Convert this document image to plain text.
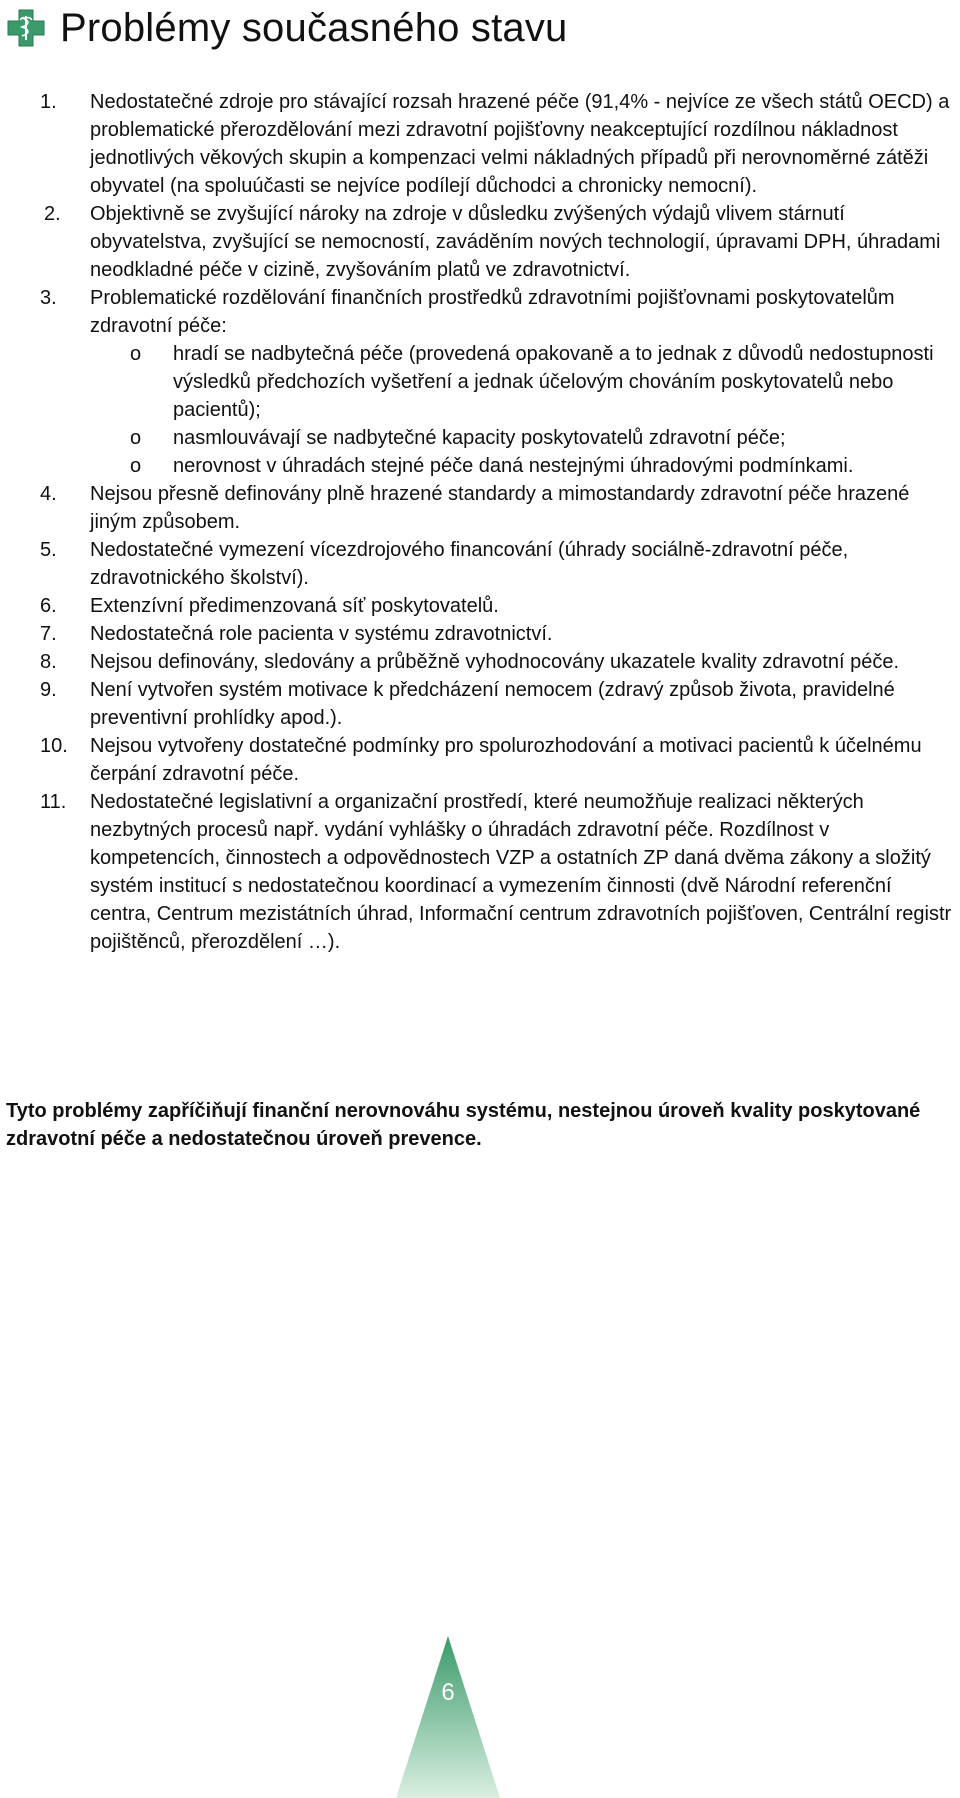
Problémy současného stavu
1.	Nedostatečné zdroje pro stávající rozsah hrazené péče (91,4% - nejvíce ze všech států OECD) a problematické přerozdělování mezi zdravotní pojišťovny neakceptující rozdílnou nákladnost jednotlivých věkových skupin a kompenzaci velmi nákladných případů při nerovnoměrné zátěži obyvatel (na spoluúčasti se nejvíce podílejí důchodci a chronicky nemocní).
2.	Objektivně se zvyšující nároky na zdroje v důsledku zvýšených výdajů vlivem stárnutí obyvatelstva, zvyšující se nemocností, zaváděním nových technologií, úpravami DPH, úhradami neodkladné péče v cizině, zvyšováním platů ve zdravotnictví.
3.	Problematické rozdělování finančních prostředků zdravotními pojišťovnami poskytovatelům zdravotní péče:
o hradí se nadbytečná péče (provedená opakovaně a to jednak z důvodů nedostupnosti výsledků předchozích vyšetření a jednak účelovým chováním poskytovatelů nebo pacientů);
o nasmlouvávají se nadbytečné kapacity poskytovatelů zdravotní péče;
o nerovnost v úhradách stejné péče daná nestejnými úhradovými podmínkami.
4.	Nejsou přesně definovány plně hrazené standardy a mimostandardy zdravotní péče hrazené jiným způsobem.
5.	Nedostatečné vymezení vícezdrojového financování (úhrady sociálně-zdravotní péče, zdravotnického školství).
6.	Extenzívní předimenzovaná síť poskytovatelů.
7.	Nedostatečná role pacienta v systému zdravotnictví.
8.	Nejsou definovány, sledovány a průběžně vyhodnocovány ukazatele kvality zdravotní péče.
9.	Není vytvořen systém motivace k předcházení nemocem (zdravý způsob života, pravidelné preventivní prohlídky apod.).
10.	Nejsou vytvořeny dostatečné podmínky pro spolurozhodování a motivaci pacientů k účelnému čerpání zdravotní péče.
11.	Nedostatečné legislativní a organizační prostředí, které neumožňuje realizaci některých nezbytných procesů např. vydání vyhlášky o úhradách zdravotní péče. Rozdílnost v kompetencích, činnostech a odpovědnostech VZP a ostatních ZP daná dvěma zákony a složitý systém institucí s nedostatečnou koordinací a vymezením činnosti (dvě Národní referenční centra, Centrum mezistátních úhrad, Informační centrum zdravotních pojišťoven, Centrální registr pojištěnců, přerozdělení …).

Tyto problémy zapříčiňují finanční nerovnováhu systému, nestejnou úroveň kvality poskytované zdravotní péče a nedostatečnou úroveň prevence.

6
